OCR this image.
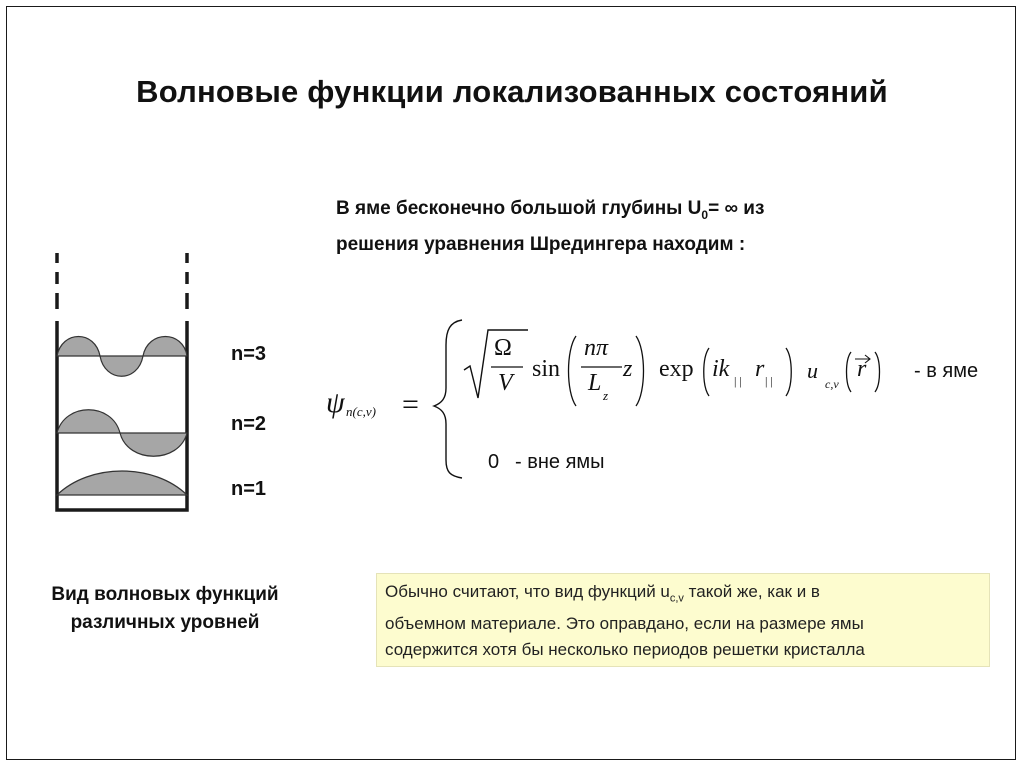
Волновые функции локализованных состояний
В яме бесконечно большой глубины $U_0=$ ∞ из
решения уравнения Шредингера находим :
n=3
n=2
n=1
ψ n(c,v) =
Ω
V
sin
nπ
L z
z exp ik | | r | | u
c,v
r - в яме
0 - вне ямы
Вид волновых функций
различных уровней
Обычно считают, что вид функций $u_{c,v}$ такой же, как и в
объемном материале. Это оправдано, если на размере ямы
содержится хотя бы несколько периодов решетки кристалла
